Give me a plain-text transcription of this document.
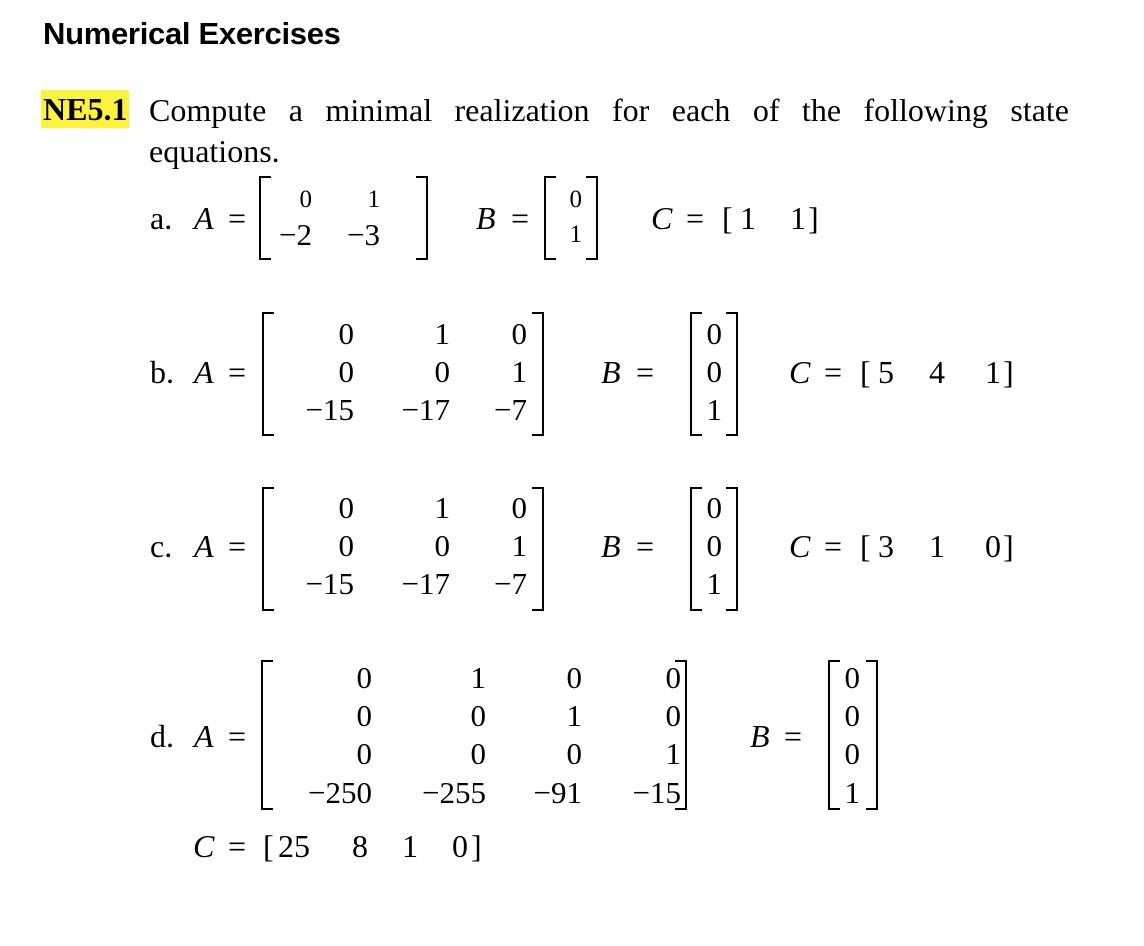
Numerical Exercises
NE5.1 Compute a minimal realization for each of the following state equations.
a. A =
0	1
−2	−3	B =
0
1 C = [ 1 1 ]
b. A =
0	1	0
0	0	1
−15	−17	−7
B =
0
0
1
C = [ 5 4 1 ]
c. A =
0	1	0
0	0	1
−15	−17	−7
B =
0
0
1
C = [ 3 1 0 ]
d. A =
0	1	0	0
0	0	1	0
0	0	0	1
−250	−255	−91	−15
B =
0
0
0
1
C = [ 25 8 1 0 ]
